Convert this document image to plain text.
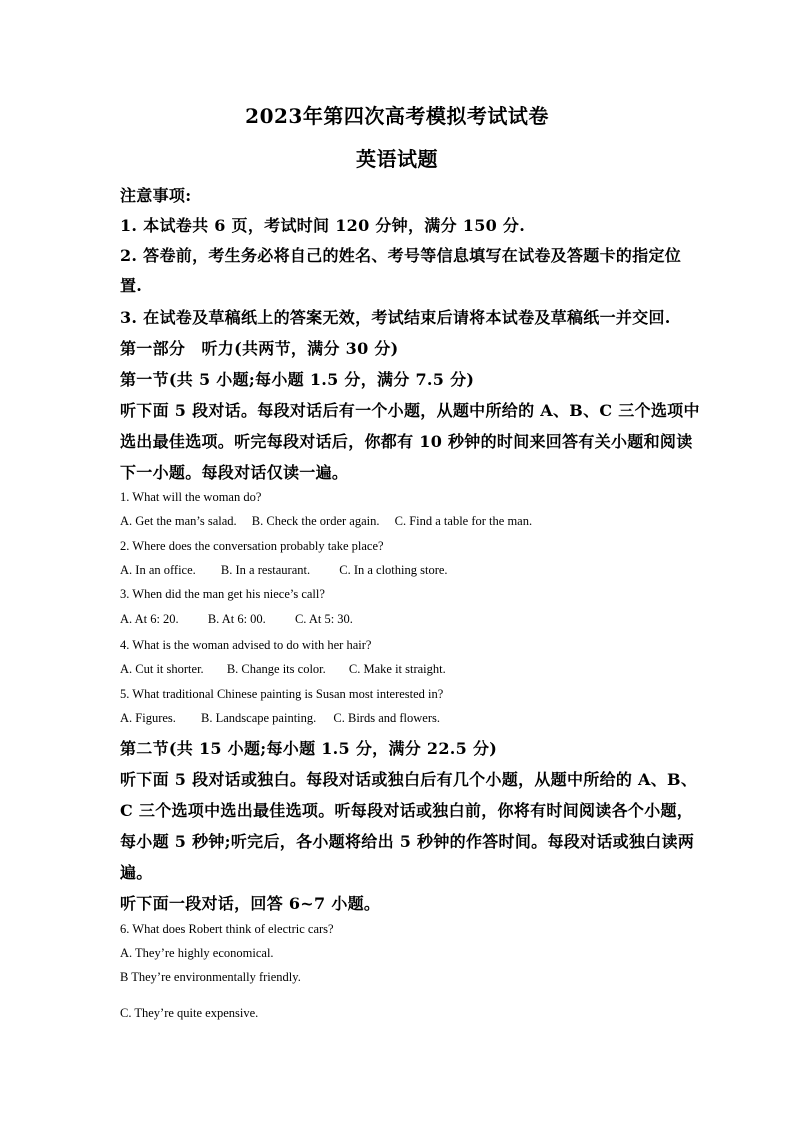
2023年第四次高考模拟考试试卷
英语试题
注意事项:
1. 本试卷共 6 页，考试时间 120 分钟，满分 150 分.
2. 答卷前，考生务必将自己的姓名、考号等信息填写在试卷及答题卡的指定位
置.
3. 在试卷及草稿纸上的答案无效，考试结束后请将本试卷及草稿纸一并交回.
第一部分　听力(共两节，满分 30 分)
第一节(共 5 小题;每小题 1.5 分，满分 7.5 分)
听下面 5 段对话。每段对话后有一个小题，从题中所给的 A、B、C 三个选项中
选出最佳选项。听完每段对话后，你都有 10 秒钟的时间来回答有关小题和阅读
下一小题。每段对话仅读一遍。
1. What will the woman do?
A. Get the man’s salad. B. Check the order again. C. Find a table for the man.
2. Where does the conversation probably take place?
A. In an office. B. In a restaurant. C. In a clothing store.
3. When did the man get his niece’s call?
A. At 6: 20. B. At 6: 00. C. At 5: 30.
4. What is the woman advised to do with her hair?
A. Cut it shorter. B. Change its color. C. Make it straight.
5. What traditional Chinese painting is Susan most interested in?
A. Figures. B. Landscape painting. C. Birds and flowers.
第二节(共 15 小题;每小题 1.5 分，满分 22.5 分)
听下面 5 段对话或独白。每段对话或独白后有几个小题，从题中所给的 A、B、
C 三个选项中选出最佳选项。听每段对话或独白前，你将有时间阅读各个小题，
每小题 5 秒钟;听完后，各小题将给出 5 秒钟的作答时间。每段对话或独白读两
遍。
听下面一段对话，回答 6~7 小题。
6. What does Robert think of electric cars?
A. They’re highly economical.
B They’re environmentally friendly.
C. They’re quite expensive.
